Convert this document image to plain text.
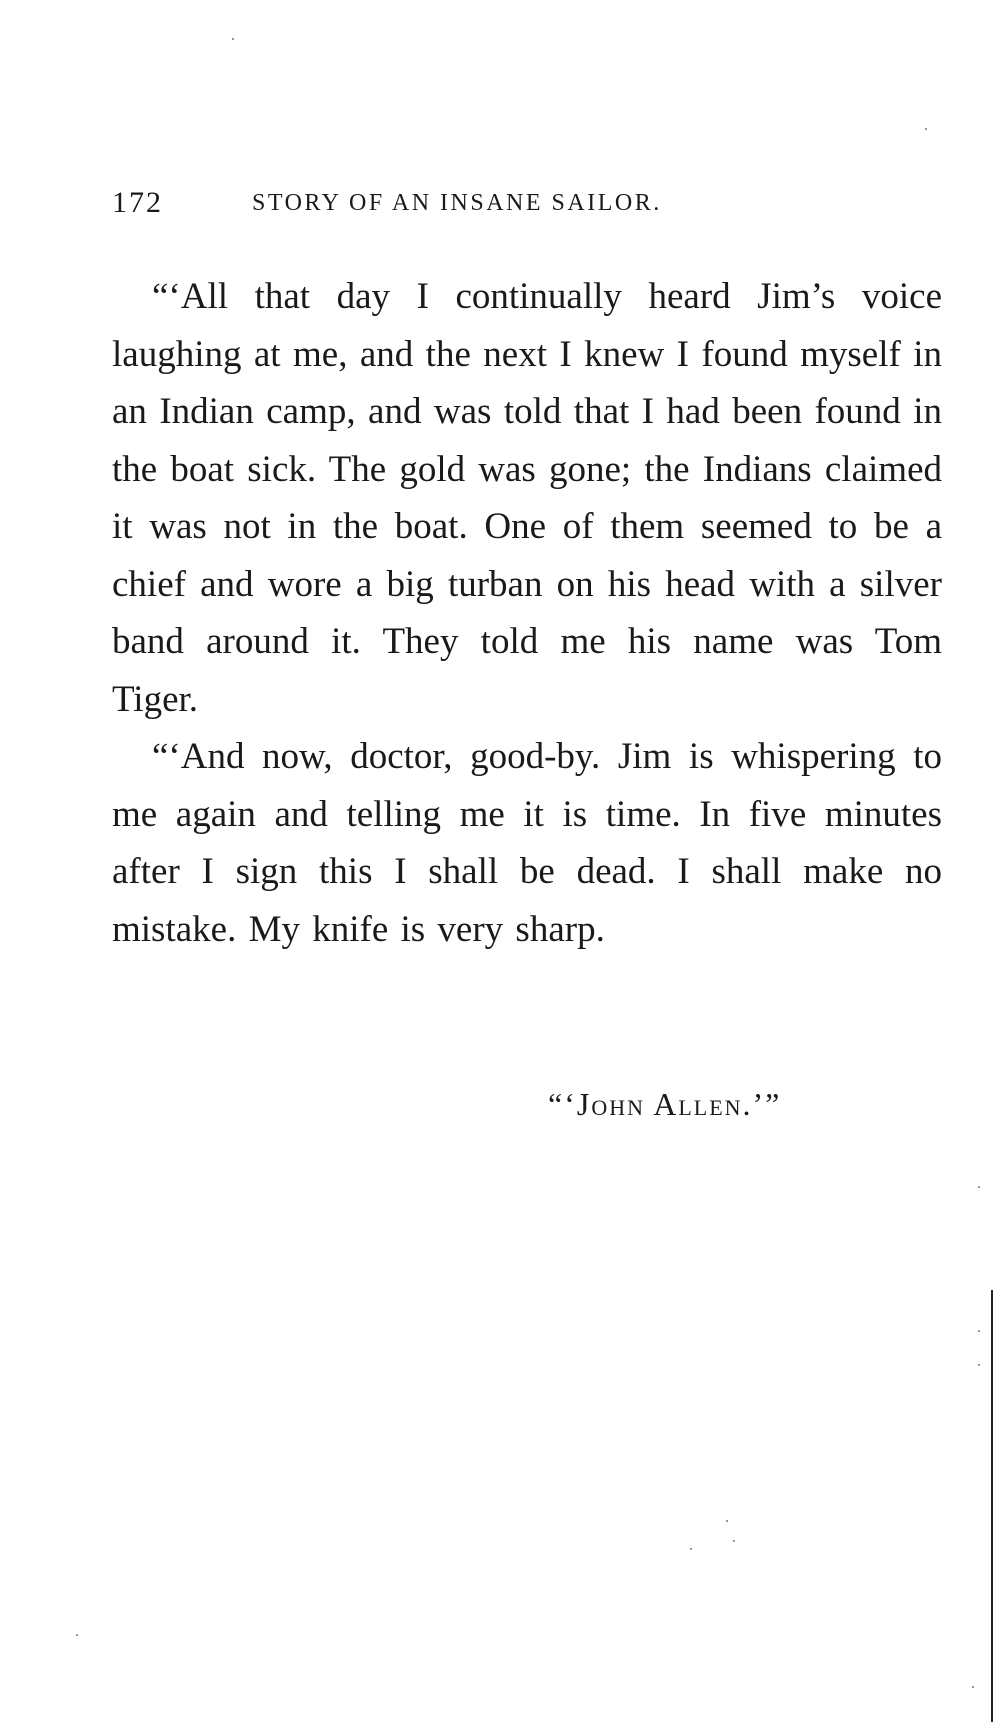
172	STORY OF AN INSANE SAILOR.

“‘All that day I continually heard Jim’s voice laughing at me, and the next I knew I found myself in an Indian camp, and was told that I had been found in the boat sick. The gold was gone; the Indians claimed it was not in the boat. One of them seemed to be a chief and wore a big turban on his head with a silver band around it. They told me his name was Tom Tiger.

“‘And now, doctor, good-by. Jim is whispering to me again and telling me it is time. In five minutes after I sign this I shall be dead. I shall make no mistake. My knife is very sharp.

“‘John Allen.’”
